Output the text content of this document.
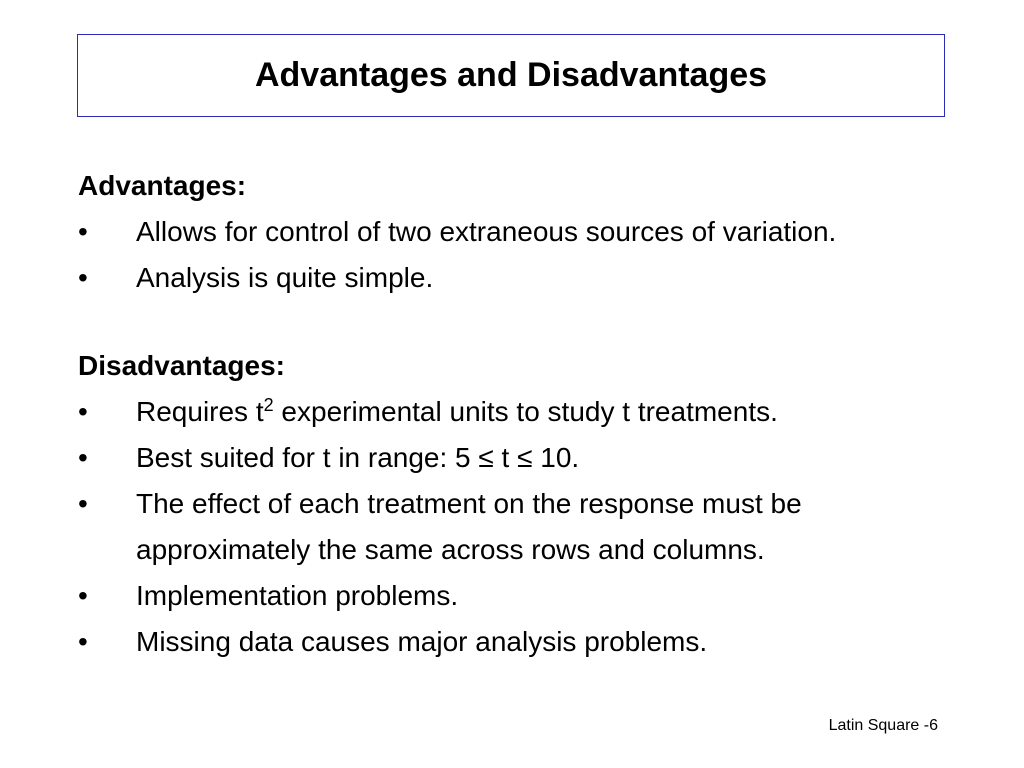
Advantages and Disadvantages
Advantages:
•	Allows for control of two extraneous sources of variation.
•	Analysis is quite simple.
Disadvantages:
•	Requires $t^2$ experimental units to study t treatments.
•	Best suited for t in range: 5 ≤ t ≤ 10.
•	The effect of each treatment on the response must be approximately the same across rows and columns.
•	Implementation problems.
•	Missing data causes major analysis problems.
Latin Square -6
